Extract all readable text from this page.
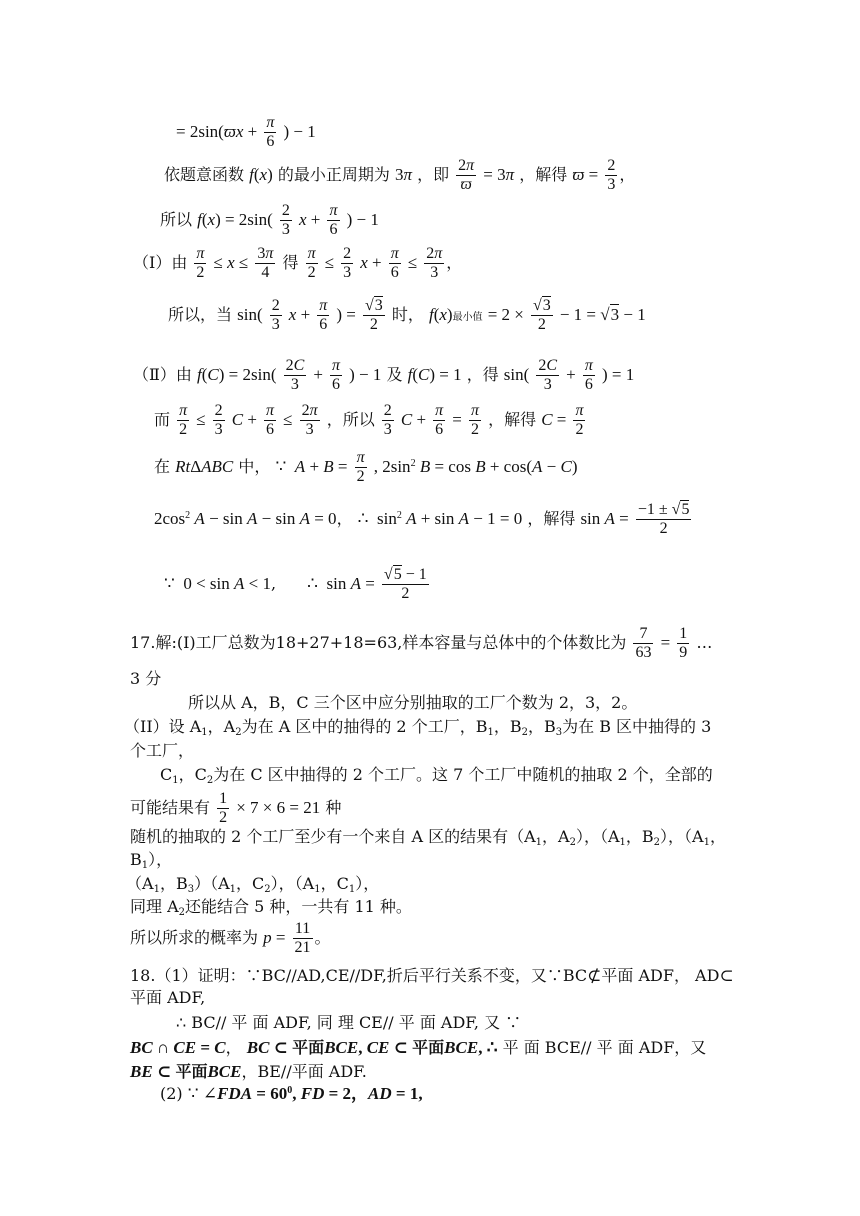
= $2\sin(ϖx + \frac{\pi}{6}$ ) − 1
依题意函数 f(x) 的最小正周期为 3π ，即 $\frac{2\pi}{ϖ} = 3\pi$ ，解得 $ϖ = \frac{2}{3}$ ，
所以 $f(x) = 2\sin( \frac{2}{3}$ $x + \frac{\pi}{6}$ ) − 1
（Ⅰ）由 $\frac{\pi}{2} \le x \le \frac{3\pi}{4}$ 得 $\frac{\pi}{2} \le \frac{2}{3}$ $x + \frac{\pi}{6} \le \frac{2\pi}{3}$ ，
所以，当 $\sin( \frac{2}{3}$ $x + \frac{\pi}{6}$ ) = $\frac{√3}{2}$ 时， f(x)最小值 = $2 \times \frac{√3}{2} - 1 = √3 - 1$
（Ⅱ）由 $f(C) = 2\sin( \frac{2C}{3} + \frac{\pi}{6}$ ) − 1 及 f(C) = 1 ，得 $\sin( \frac{2C}{3} + \frac{\pi}{6}$ ) = 1
而 $\frac{\pi}{2} \le \frac{2}{3}$ $C + \frac{\pi}{6} \le \frac{2\pi}{3}$ ，所以 $\frac{2}{3}$ $C + \frac{\pi}{6} = \frac{\pi}{2}$ ，解得 $C = \frac{\pi}{2}$
在 RtΔABC 中， ∵  $A + B = \frac{\pi}{2}$ , $2\sin^2$ B = cos B + cos(A − C)
$2\cos^2$ A − sin A − sin A = 0， ∴  $\sin^2 A + \sin A - 1 = 0$ ，解得 $\sin A = \frac{-1 \pm √5}{2}$
∵  0 < sin A < 1, ∴  $\sin A = \frac{√5 - 1}{2}$
17.解:(I)工厂总数为18+27+18=63,样本容量与总体中的个体数比为 $\frac{7}{63} = \frac{1}{9}$ …
3 分
所以从 A，B，C 三个区中应分别抽取的工厂个数为 2，3，2。
（II）设 $A_1$，$A_2$为在 A 区中的抽得的 2 个工厂，$B_1$，$B_2$，$B_3$为在 B 区中抽得的 3
个工厂，
$C_1$，$C_2$为在 C 区中抽得的 2 个工厂。这 7 个工厂中随机的抽取 2 个，全部的
可能结果有 $\frac{1}{2} \times 7 \times 6 = 21$ 种
随机的抽取的 2 个工厂至少有一个来自 A 区的结果有（$A_1$，$A_2$），（$A_1$，$B_2$），（$A_1$，
$B_1$），
（$A_1$，$B_3)(A_1$，$C_2$），（$A_1$，$C_1$），
同理 $A_2$还能结合 5 种，一共有 11 种。
所以所求的概率为 $p = \frac{11}{21}$ 。
18.（1）证明：∵BC//AD,CE//DF,折后平行关系不变，又∵BC⊄平面 ADF， AD⊂
平面 ADF,
∴ BC// 平 面 ADF, 同 理 CE// 平 面 ADF, 又 ∵
BC ∩ CE = C， BC ⊂ 平面BCE, CE ⊂ 平面BCE, ∴ 平 面 BCE// 平 面 ADF，又
BE ⊂ 平面BCE，BE//平面 ADF.
(2) ∵ ∠FDA = $60^0$, FD = 2，AD = 1,
